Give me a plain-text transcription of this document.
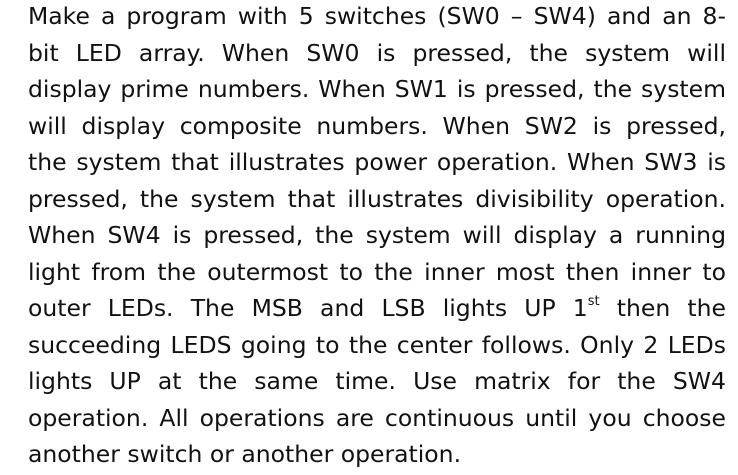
Make a program with 5 switches (SW0 – SW4) and an 8-
bit LED array. When SW0 is pressed, the system will
display prime numbers. When SW1 is pressed, the system
will display composite numbers. When SW2 is pressed,
the system that illustrates power operation. When SW3 is
pressed, the system that illustrates divisibility operation.
When SW4 is pressed, the system will display a running
light from the outermost to the inner most then inner to
outer LEDs. The MSB and LSB lights UP 1st then the
succeeding LEDS going to the center follows. Only 2 LEDs
lights UP at the same time. Use matrix for the SW4
operation. All operations are continuous until you choose
another switch or another operation.
